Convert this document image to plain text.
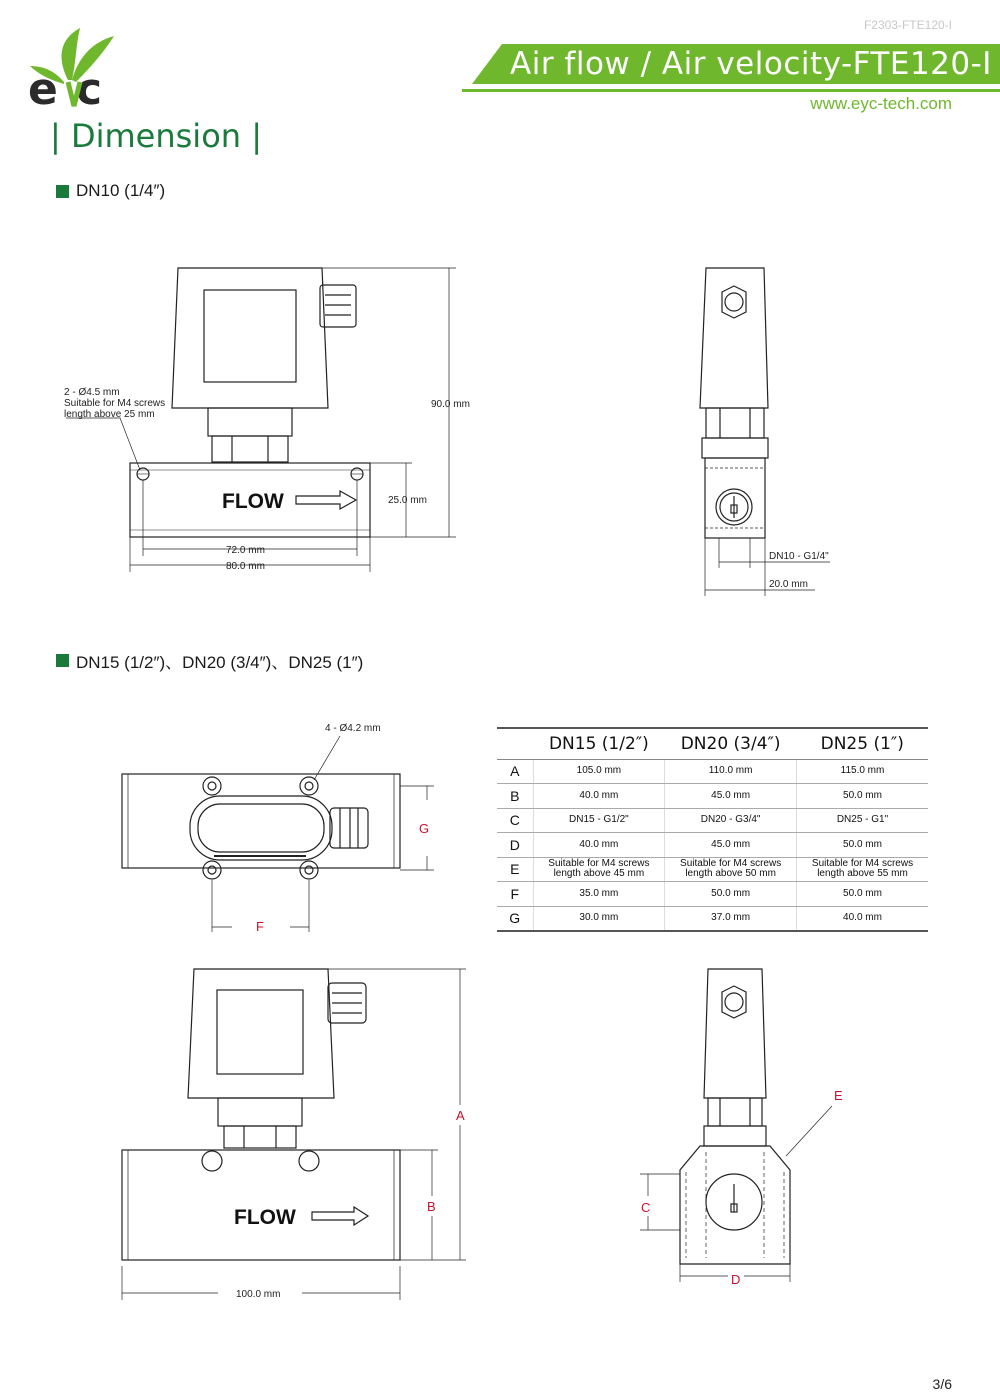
F2303-FTE120-I
e c	Air flow / Air velocity-FTE120-I
www.eyc-tech.com
| Dimension |
DN10 (1/4″)
DN15 (1/2″)、DN20 (3/4″)、DN25 (1″)
2 - Ø4.5 mm
Suitable for M4 screws
length above 25 mm
FLOW
90.0 mm
25.0 mm
72.0 mm
80.0 mm
DN10 - G1/4"
20.0 mm
4 - Ø4.2 mm
G
F
FLOW
A
B
100.0 mm
C
D
E
	DN15 (1/2″)	DN20 (3/4″)	DN25 (1″)
A	105.0 mm	110.0 mm	115.0 mm
B	40.0 mm	45.0 mm	50.0 mm
C	DN15 - G1/2"	DN20 - G3/4"	DN25 - G1"
D	40.0 mm	45.0 mm	50.0 mm
E	Suitable for M4 screws length above 45 mm	Suitable for M4 screws length above 50 mm	Suitable for M4 screws length above 55 mm
F	35.0 mm	50.0 mm	50.0 mm
G	30.0 mm	37.0 mm	40.0 mm
3/6
